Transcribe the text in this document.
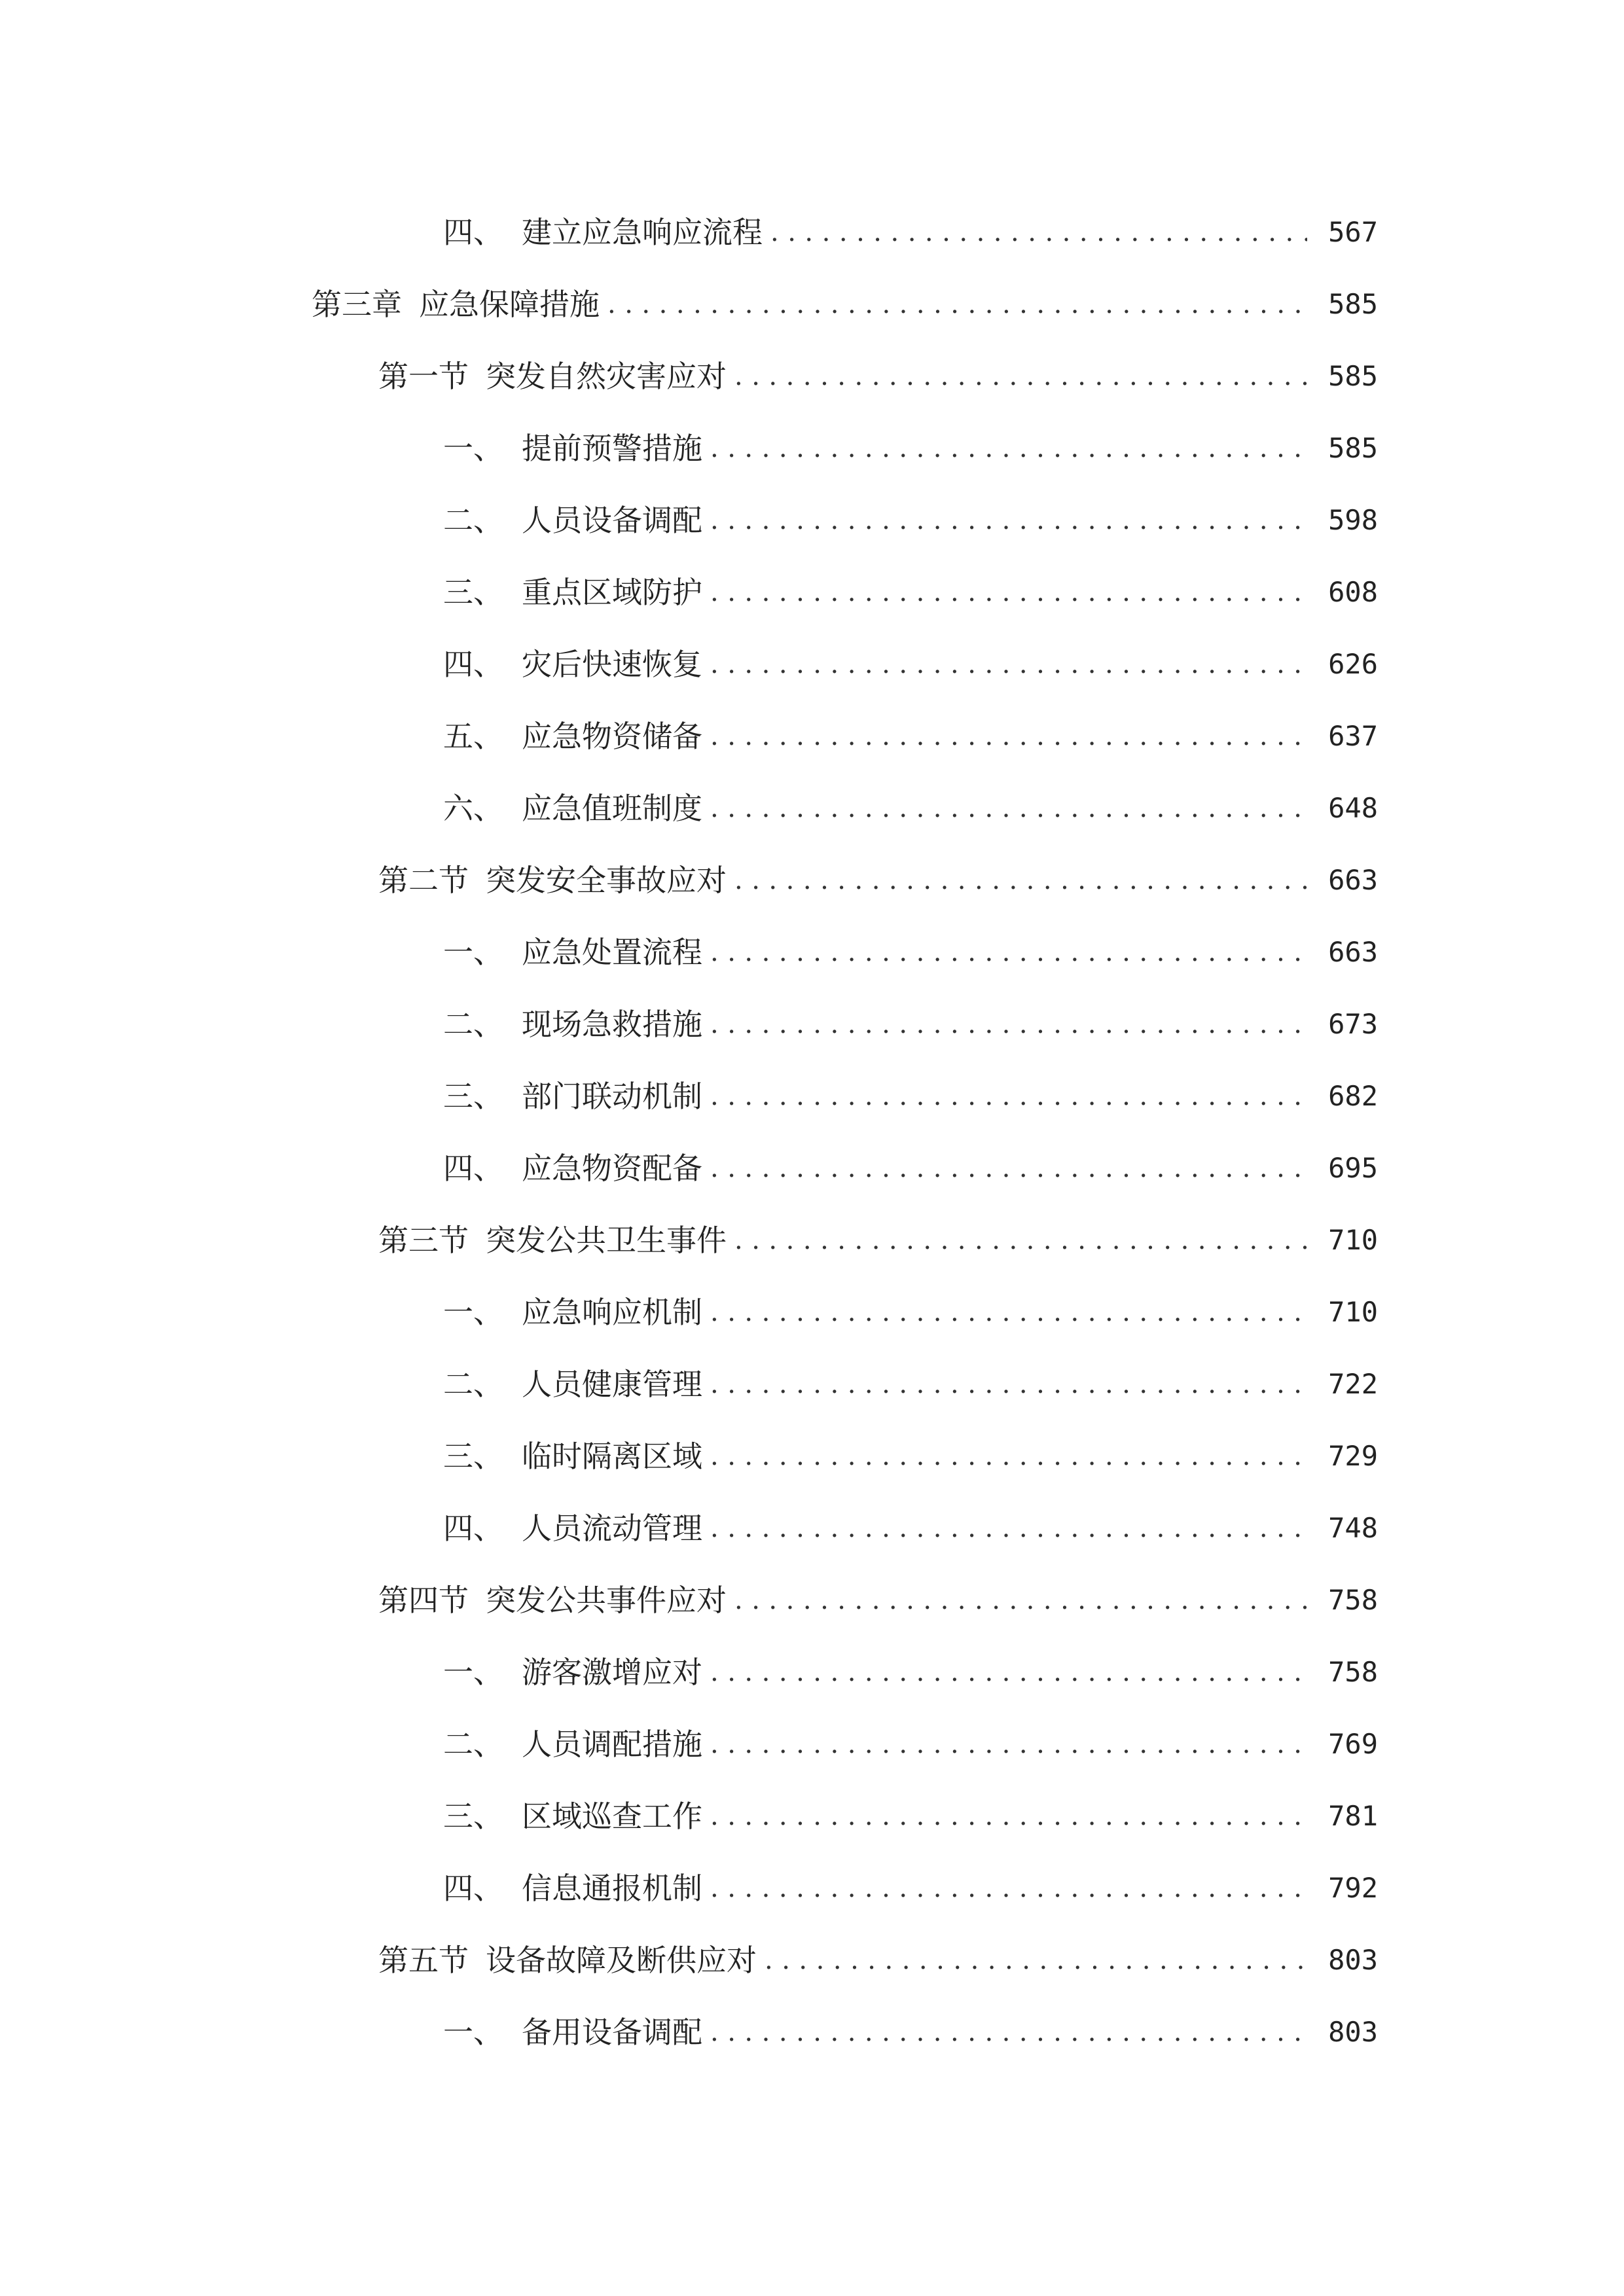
四、 建立应急响应流程 .....	567
第三章 应急保障措施 .....	585
第一节 突发自然灾害应对 .....	585
一、 提前预警措施 .....	585
二、 人员设备调配 .....	598
三、 重点区域防护 .....	608
四、 灾后快速恢复 .....	626
五、 应急物资储备 .....	637
六、 应急值班制度 .....	648
第二节 突发安全事故应对 .....	663
一、 应急处置流程 .....	663
二、 现场急救措施 .....	673
三、 部门联动机制 .....	682
四、 应急物资配备 .....	695
第三节 突发公共卫生事件 .....	710
一、 应急响应机制 .....	710
二、 人员健康管理 .....	722
三、 临时隔离区域 .....	729
四、 人员流动管理 .....	748
第四节 突发公共事件应对 .....	758
一、 游客激增应对 .....	758
二、 人员调配措施 .....	769
三、 区域巡查工作 .....	781
四、 信息通报机制 .....	792
第五节 设备故障及断供应对 .....	803
一、 备用设备调配 .....	803
